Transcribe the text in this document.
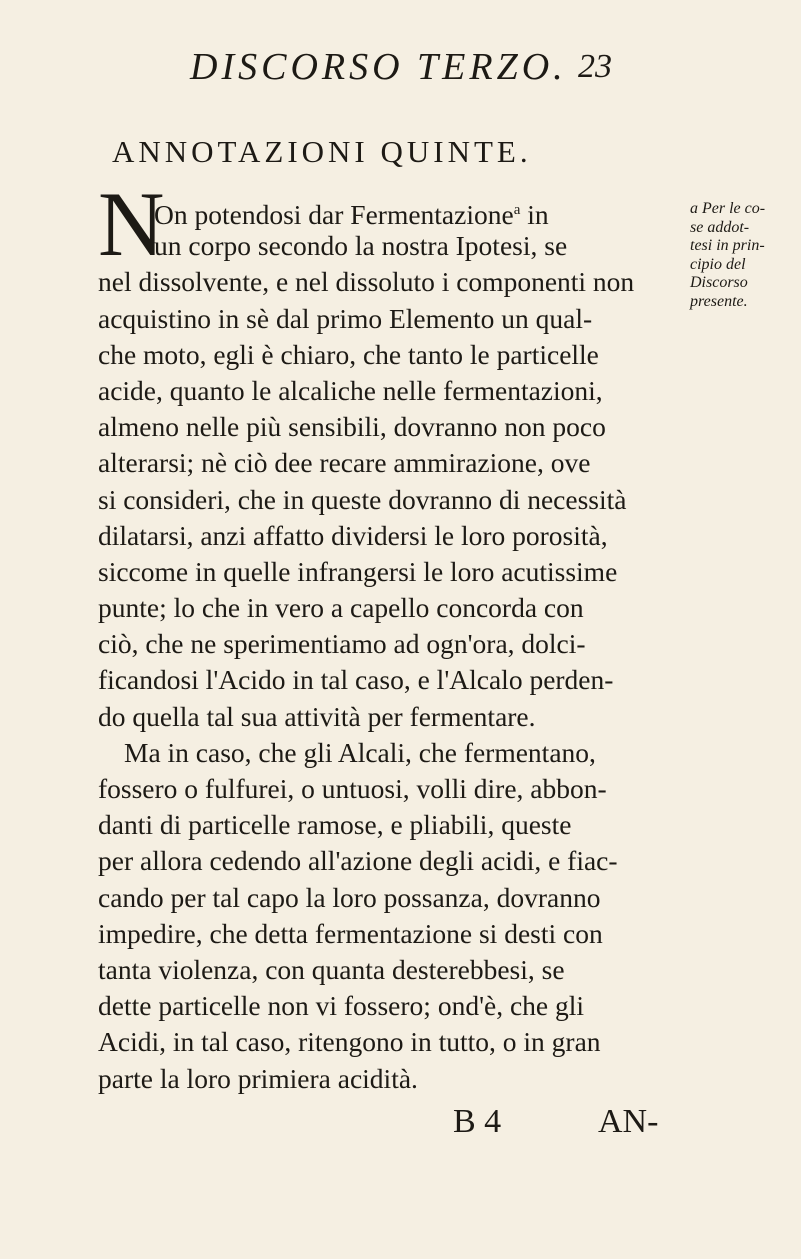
DISCORSO TERZO. 23
ANNOTAZIONI QUINTE.
N
On potendosi dar Fermentazione$^a$ in
un corpo secondo la nostra Ipotesi, se
nel dissolvente, e nel dissoluto i componenti non
acquistino in sè dal primo Elemento un qual-
che moto, egli è chiaro, che tanto le particelle
acide, quanto le alcaliche nelle fermentazioni,
almeno nelle più sensibili, dovranno non poco
alterarsi; nè ciò dee recare ammirazione, ove
si consideri, che in queste dovranno di necessità
dilatarsi, anzi affatto dividersi le loro porosità,
siccome in quelle infrangersi le loro acutissime
punte; lo che in vero a capello concorda con
ciò, che ne sperimentiamo ad ogn'ora, dolci-
ficandosi l'Acido in tal caso, e l'Alcalo perden-
do quella tal sua attività per fermentare.
Ma in caso, che gli Alcali, che fermentano,
fossero o fulfurei, o untuosi, volli dire, abbon-
danti di particelle ramose, e pliabili, queste
per allora cedendo all'azione degli acidi, e fiac-
cando per tal capo la loro possanza, dovranno
impedire, che detta fermentazione si desti con
tanta violenza, con quanta desterebbesi, se
dette particelle non vi fossero; ond'è, che gli
Acidi, in tal caso, ritengono in tutto, o in gran
parte la loro primiera acidità.
a Per le co-
se addot-
tesi in prin-
cipio del
Discorso
presente.
B 4	AN-
